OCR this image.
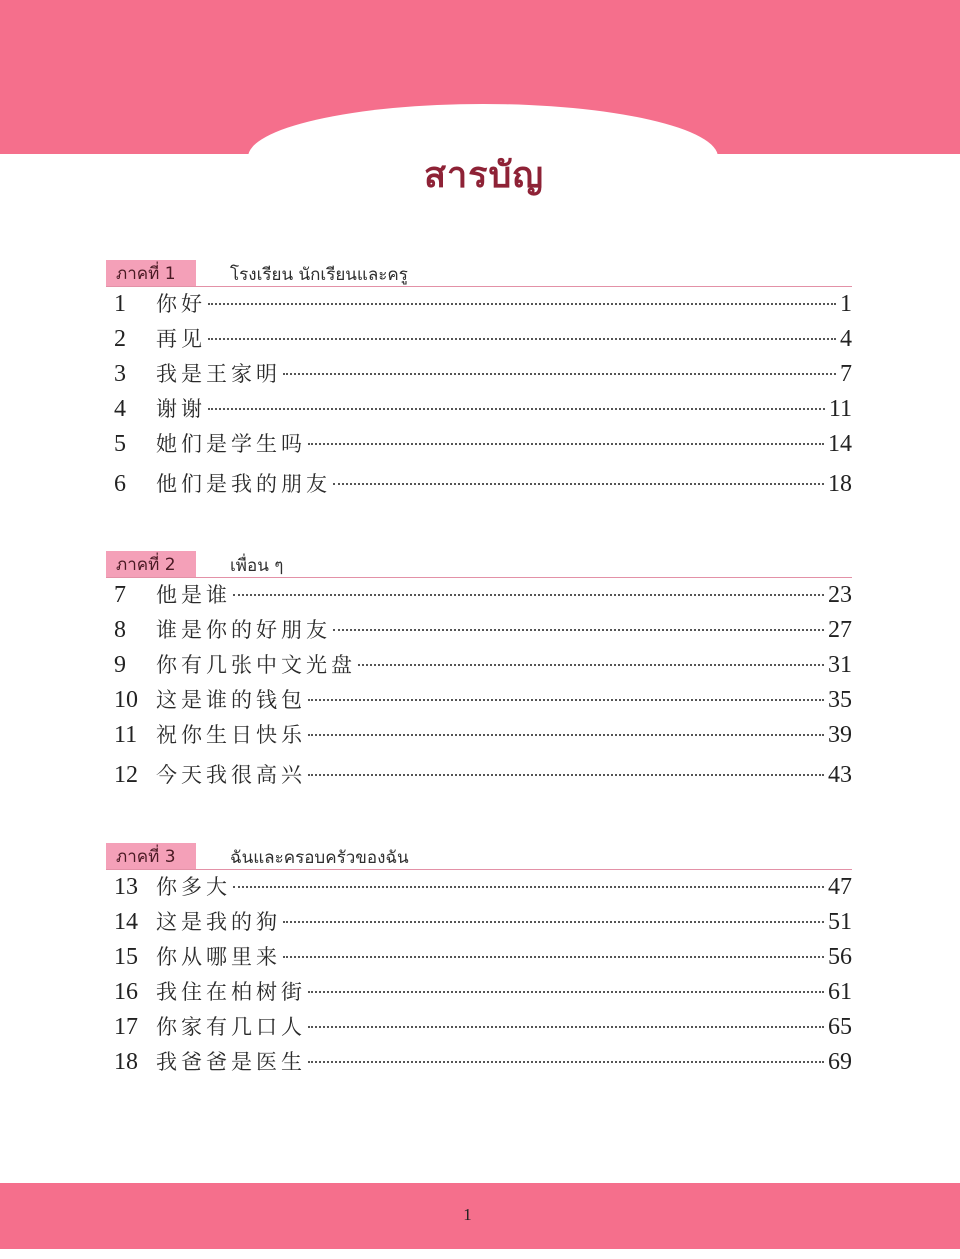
สารบัญ
ภาคที่ 1	โรงเรียน นักเรียนและครู
1	你好	1
2	再见	4
3	我是王家明	7
4	谢谢	11
5	她们是学生吗	14
6	他们是我的朋友	18
ภาคที่ 2	เพื่อน ๆ
7	他是谁	23
8	谁是你的好朋友	27
9	你有几张中文光盘	31
10 这是谁的钱包	35
11 祝你生日快乐	39
12 今天我很高兴	43
ภาคที่ 3	ฉันและครอบครัวของฉัน
13 你多大	47
14 这是我的狗	51
15 你从哪里来	56
16 我住在柏树街	61
17 你家有几口人	65
18 我爸爸是医生	69
1
